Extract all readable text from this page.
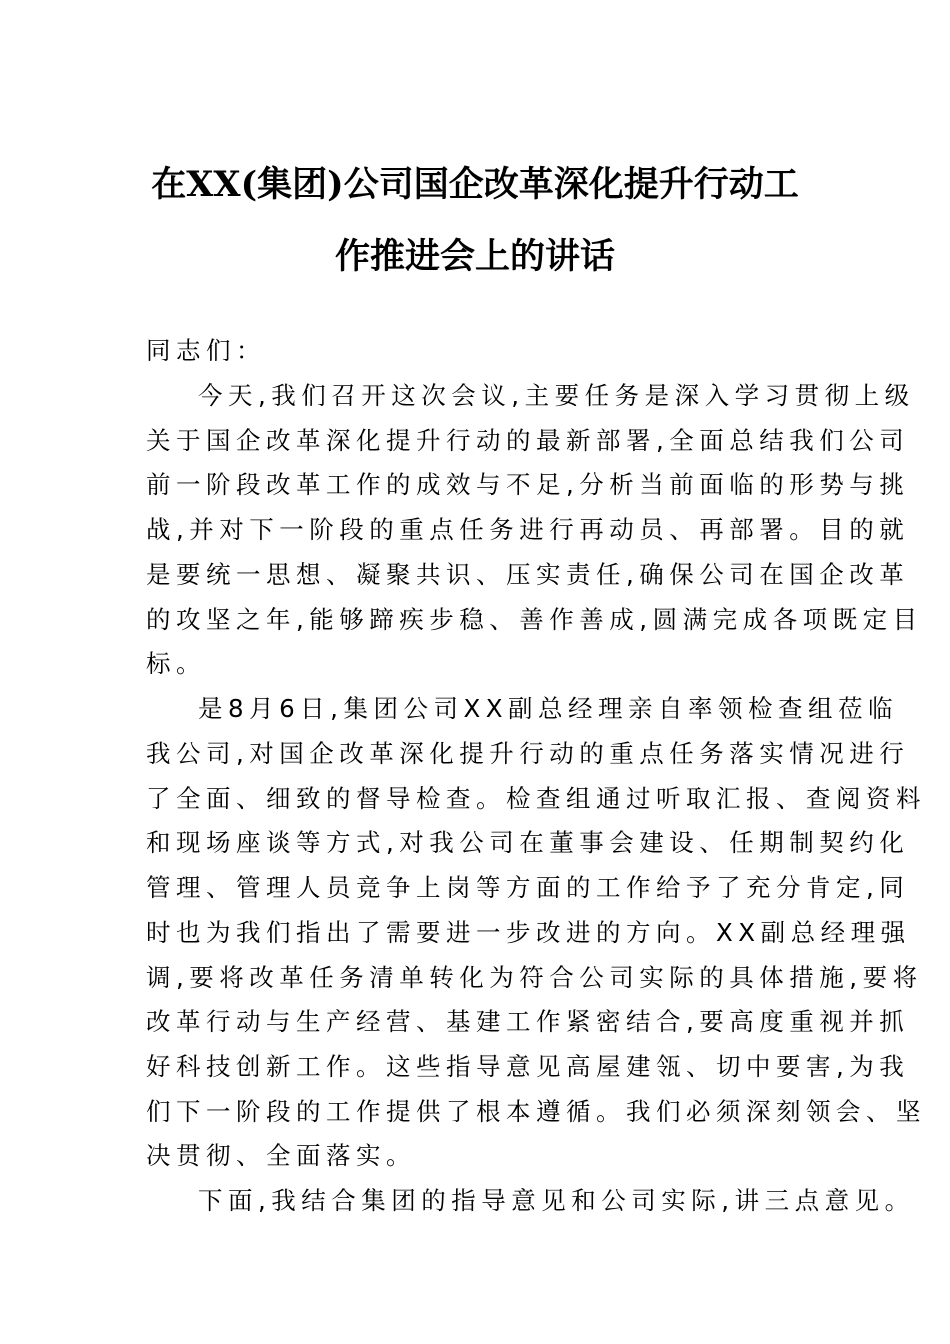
在XX(集团)公司国企改革深化提升行动工
作推进会上的讲话
同志们：
今天,我们召开这次会议,主要任务是深入学习贯彻上级
关于国企改革深化提升行动的最新部署,全面总结我们公司
前一阶段改革工作的成效与不足,分析当前面临的形势与挑
战,并对下一阶段的重点任务进行再动员、再部署。目的就
是要统一思想、凝聚共识、压实责任,确保公司在国企改革
的攻坚之年,能够蹄疾步稳、善作善成,圆满完成各项既定目
标。
是8月6日,集团公司XX副总经理亲自率领检查组莅临
我公司,对国企改革深化提升行动的重点任务落实情况进行
了全面、细致的督导检查。检查组通过听取汇报、查阅资料
和现场座谈等方式,对我公司在董事会建设、任期制契约化
管理、管理人员竞争上岗等方面的工作给予了充分肯定,同
时也为我们指出了需要进一步改进的方向。XX副总经理强
调,要将改革任务清单转化为符合公司实际的具体措施,要将
改革行动与生产经营、基建工作紧密结合,要高度重视并抓
好科技创新工作。这些指导意见高屋建瓴、切中要害,为我
们下一阶段的工作提供了根本遵循。我们必须深刻领会、坚
决贯彻、全面落实。
下面,我结合集团的指导意见和公司实际,讲三点意见。
